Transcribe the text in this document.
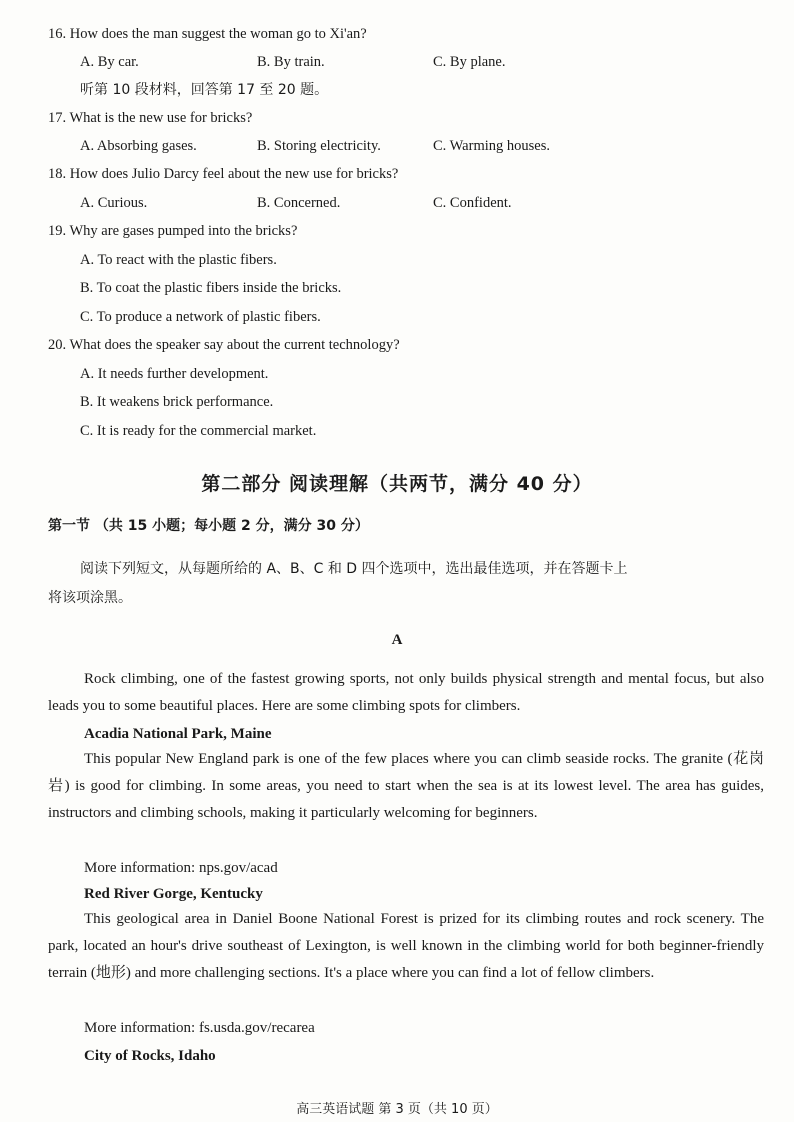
16. How does the man suggest the woman go to Xi'an?
A. By car.	B. By train.	C. By plane.
听第 10 段材料，回答第 17 至 20 题。
17. What is the new use for bricks?
A. Absorbing gases.	B. Storing electricity.	C. Warming houses.
18. How does Julio Darcy feel about the new use for bricks?
A. Curious.	B. Concerned.	C. Confident.
19. Why are gases pumped into the bricks?
A. To react with the plastic fibers.
B. To coat the plastic fibers inside the bricks.
C. To produce a network of plastic fibers.
20. What does the speaker say about the current technology?
A. It needs further development.
B. It weakens brick performance.
C. It is ready for the commercial market.
第二部分 阅读理解（共两节，满分 40 分）
第一节 （共 15 小题；每小题 2 分，满分 30 分）
阅读下列短文，从每题所给的 A、B、C 和 D 四个选项中，选出最佳选项，并在答题卡上
将该项涂黑。
A
Rock climbing, one of the fastest growing sports, not only builds physical strength and mental focus, but also leads you to some beautiful places. Here are some climbing spots for climbers.
Acadia National Park, Maine
This popular New England park is one of the few places where you can climb seaside rocks. The granite (花岗岩) is good for climbing. In some areas, you need to start when the sea is at its lowest level. The area has guides, instructors and climbing schools, making it particularly welcoming for beginners.
More information: nps.gov/acad
Red River Gorge, Kentucky
This geological area in Daniel Boone National Forest is prized for its climbing routes and rock scenery. The park, located an hour's drive southeast of Lexington, is well known in the climbing world for both beginner-friendly terrain (地形) and more challenging sections. It's a place where you can find a lot of fellow climbers.
More information: fs.usda.gov/recarea
City of Rocks, Idaho
高三英语试题 第 3 页（共 10 页）
